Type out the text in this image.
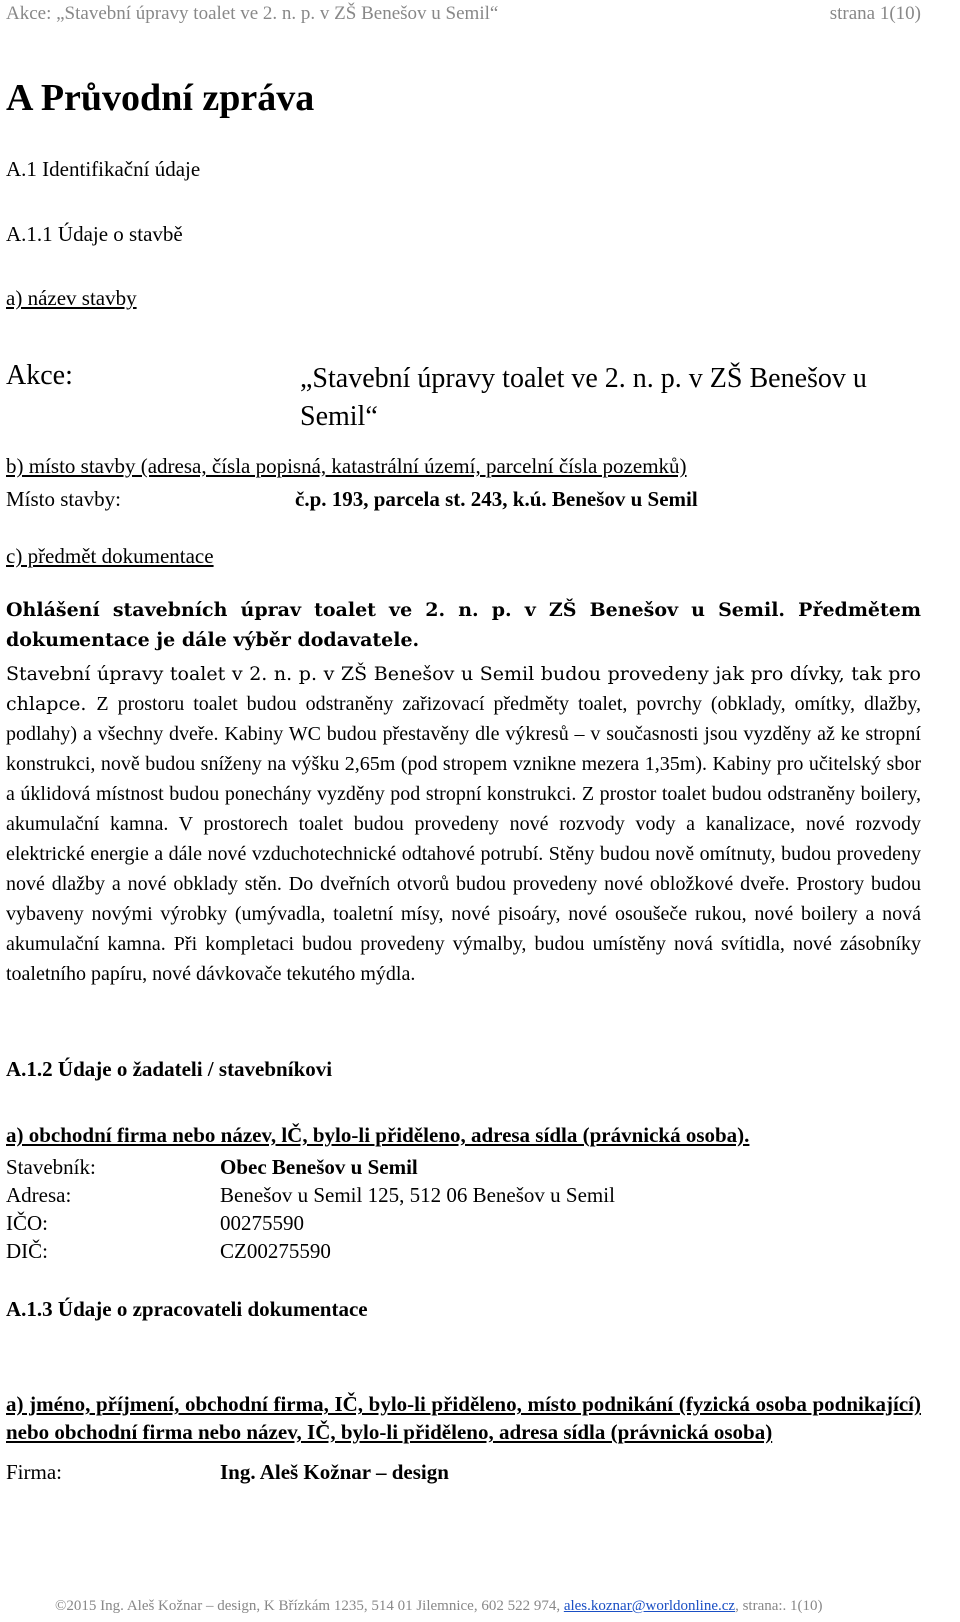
Akce: „Stavební úpravy toalet ve 2. n. p. v ZŠ Benešov u Semil“	strana 1(10)
A Průvodní zpráva
A.1 Identifikační údaje
A.1.1 Údaje o stavbě
a) název stavby
Akce:	„Stavební úpravy toalet ve 2. n. p. v ZŠ Benešov u Semil“
b) místo stavby (adresa, čísla popisná, katastrální území, parcelní čísla pozemků)
Místo stavby:	č.p. 193, parcela st. 243, k.ú. Benešov u Semil
c) předmět dokumentace
Ohlášení stavebních úprav toalet ve 2. n. p. v ZŠ Benešov u Semil. Předmětem dokumentace je dále výběr dodavatele.
Stavební úpravy toalet v 2. n. p. v ZŠ Benešov u Semil budou provedeny jak pro dívky, tak pro chlapce. Z prostoru toalet budou odstraněny zařizovací předměty toalet, povrchy (obklady, omítky, dlažby, podlahy) a všechny dveře. Kabiny WC budou přestavěny dle výkresů – v současnosti jsou vyzděny až ke stropní konstrukci, nově budou sníženy na výšku 2,65m (pod stropem vznikne mezera 1,35m). Kabiny pro učitelský sbor a úklidová místnost budou ponechány vyzděny pod stropní konstrukci. Z prostor toalet budou odstraněny boilery, akumulační kamna. V prostorech toalet budou provedeny nové rozvody vody a kanalizace, nové rozvody elektrické energie a dále nové vzduchotechnické odtahové potrubí. Stěny budou nově omítnuty, budou provedeny nové dlažby a nové obklady stěn. Do dveřních otvorů budou provedeny nové obložkové dveře. Prostory budou vybaveny novými výrobky (umývadla, toaletní mísy, nové pisoáry, nové osoušeče rukou, nové boilery a nová akumulační kamna. Při kompletaci budou provedeny výmalby, budou umístěny nová svítidla, nové zásobníky toaletního papíru, nové dávkovače tekutého mýdla.
A.1.2 Údaje o žadateli / stavebníkovi
a) obchodní firma nebo název, lČ, bylo-li přiděleno, adresa sídla (právnická osoba).
Stavebník:	Obec Benešov u Semil
Adresa:	Benešov u Semil 125, 512 06 Benešov u Semil
IČO:	00275590
DIČ:	CZ00275590
A.1.3 Údaje o zpracovateli dokumentace
a) jméno, příjmení, obchodní firma, IČ, bylo-li přiděleno, místo podnikání (fyzická osoba podnikající) nebo obchodní firma nebo název, IČ, bylo-li přiděleno, adresa sídla (právnická osoba)
Firma:	Ing. Aleš Kožnar – design
©2015 Ing. Aleš Kožnar – design, K Břízkám 1235, 514 01 Jilemnice, 602 522 974, ales.koznar@worldonline.cz, strana:. 1(10)
